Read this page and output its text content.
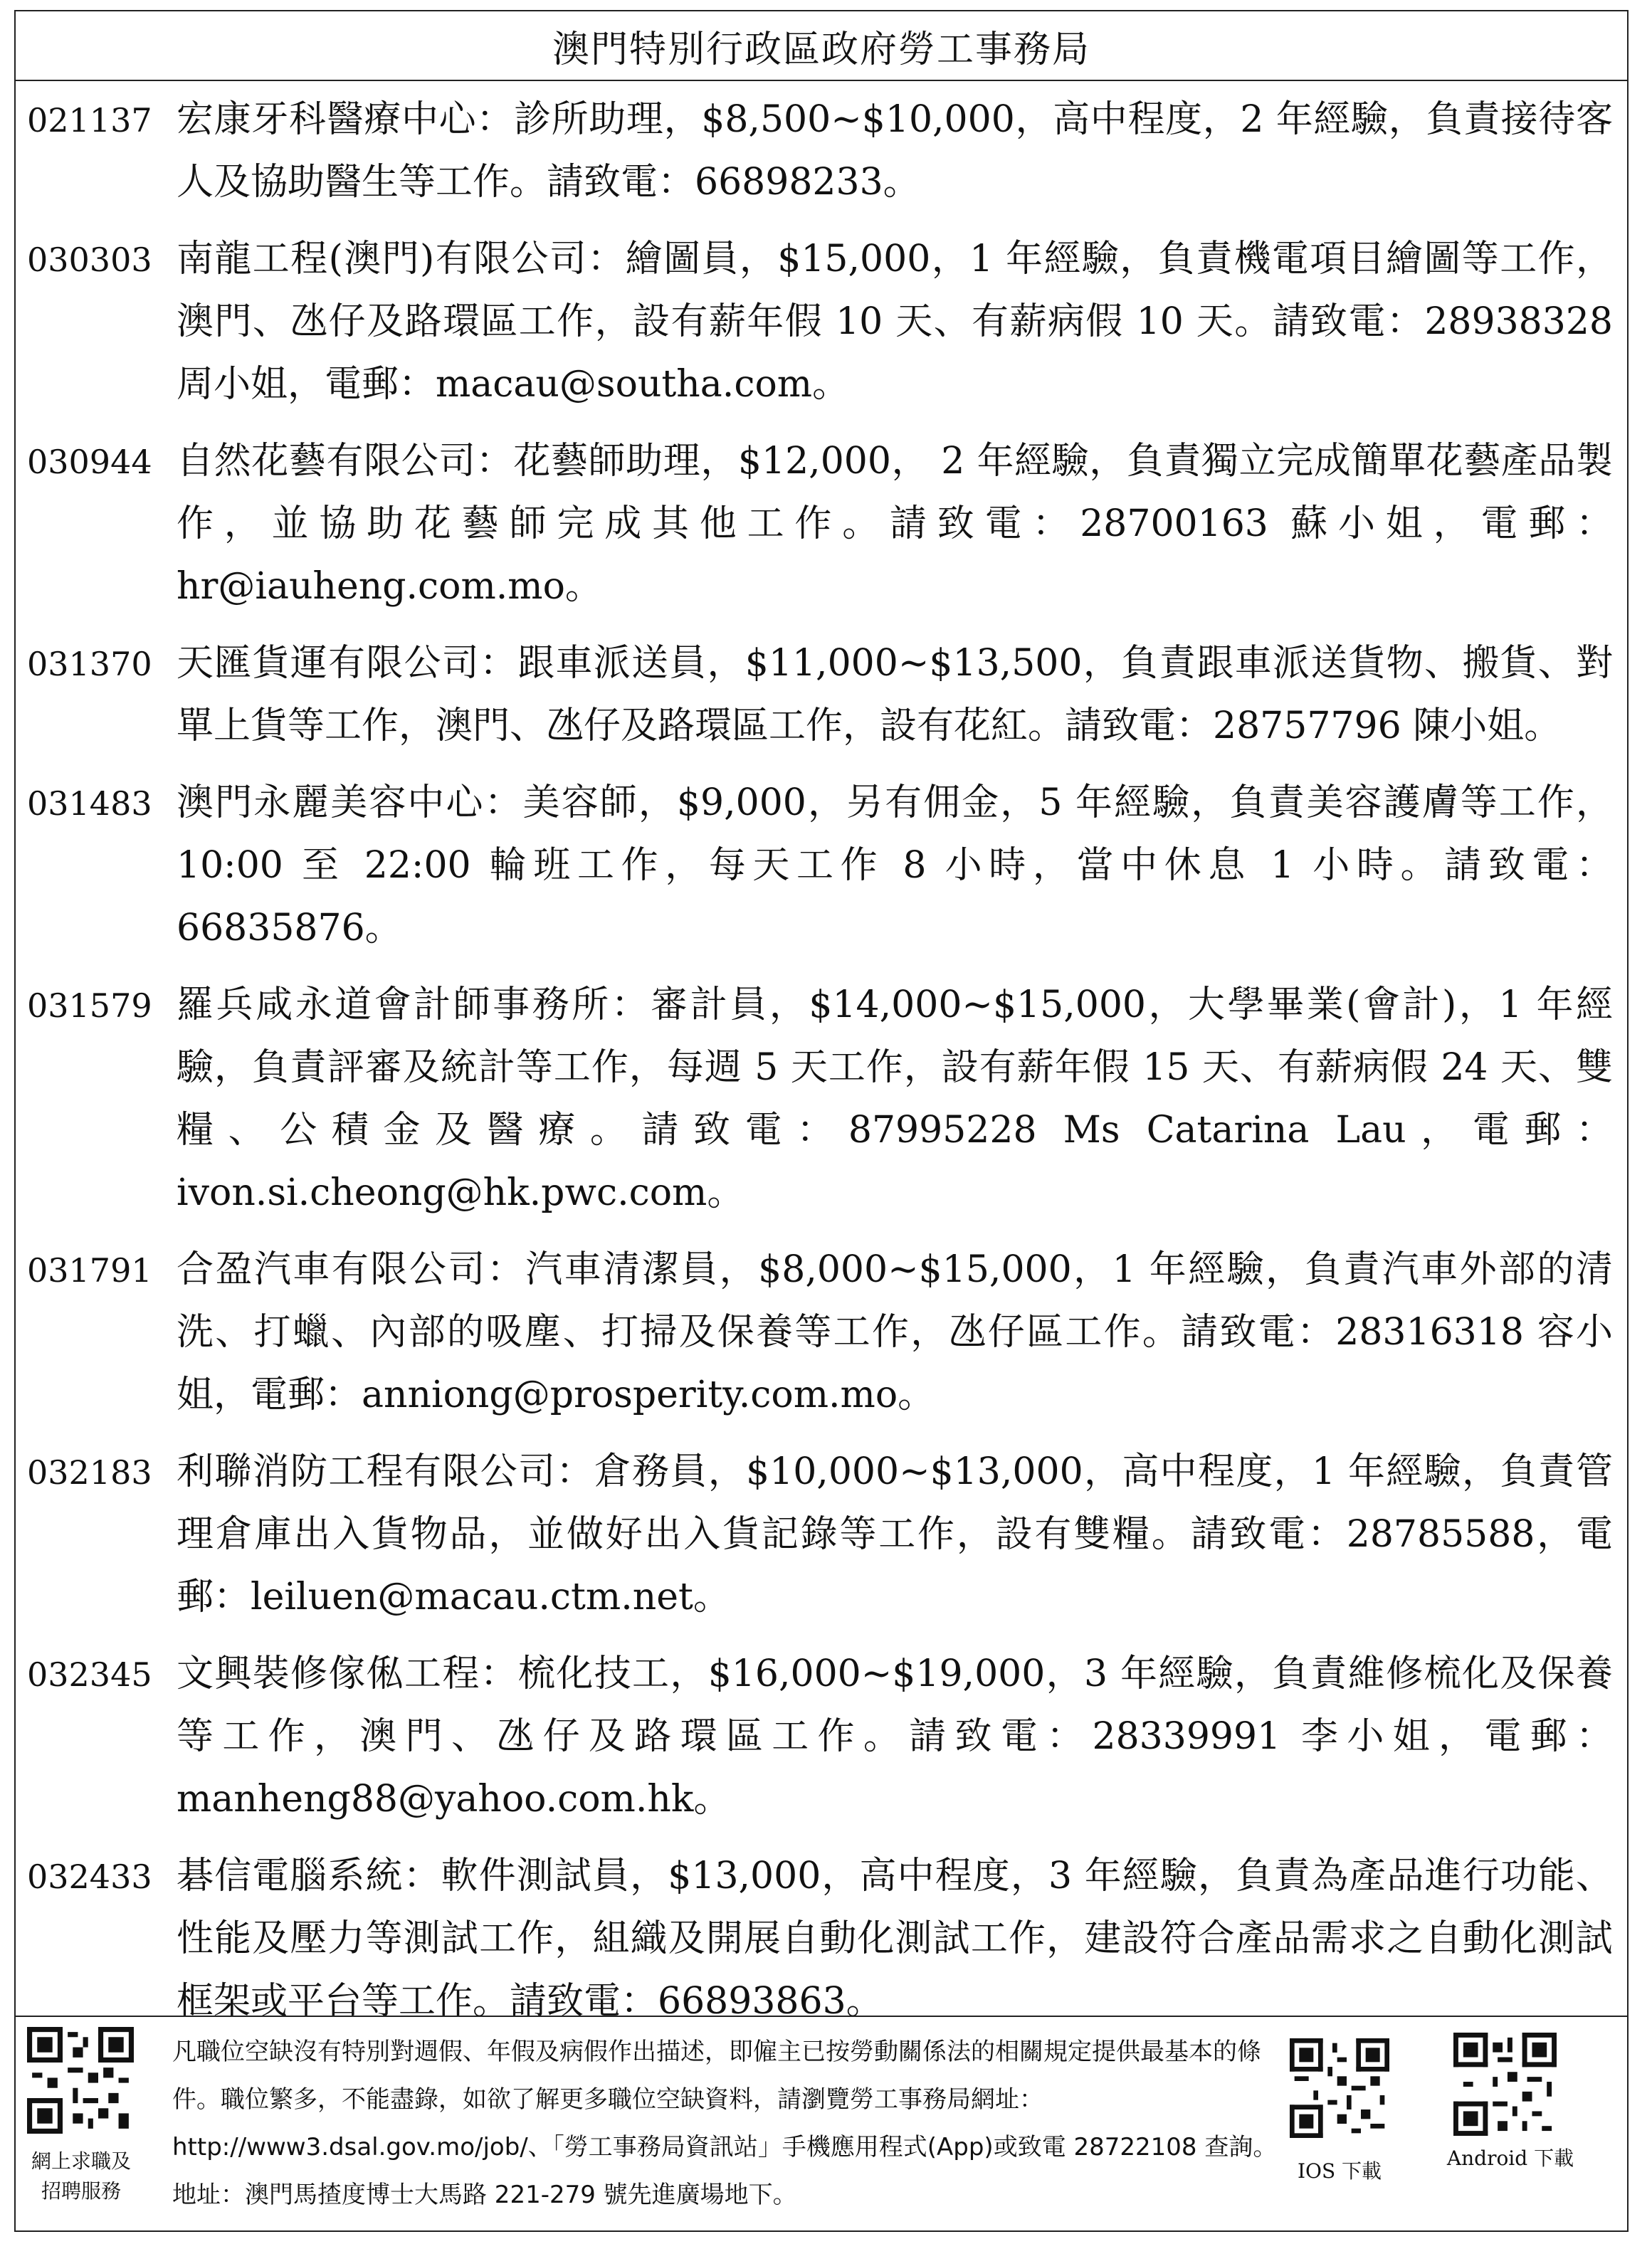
澳門特別行政區政府勞工事務局
021137 宏康牙科醫療中心：診所助理，$8,500~$10,000，高中程度，2 年經驗，負責接待客人及協助醫生等工作。請致電：66898233。
030303 南龍工程(澳門)有限公司：繪圖員，$15,000，1 年經驗，負責機電項目繪圖等工作，澳門、氹仔及路環區工作，設有薪年假 10 天、有薪病假 10 天。請致電：28938328 周小姐，電郵：macau@southa.com。
030944 自然花藝有限公司：花藝師助理，$12,000， 2 年經驗，負責獨立完成簡單花藝產品製作，並協助花藝師完成其他工作。請致電：28700163 蘇小姐，電郵：hr@iauheng.com.mo。
031370 天匯貨運有限公司：跟車派送員，$11,000~$13,500，負責跟車派送貨物、搬貨、對單上貨等工作，澳門、氹仔及路環區工作，設有花紅。請致電：28757796 陳小姐。
031483 澳門永麗美容中心：美容師，$9,000，另有佣金，5 年經驗，負責美容護膚等工作，10:00 至 22:00 輪班工作，每天工作 8 小時，當中休息 1 小時。請致電：66835876。
031579 羅兵咸永道會計師事務所：審計員，$14,000~$15,000，大學畢業(會計)，1 年經驗，負責評審及統計等工作，每週 5 天工作，設有薪年假 15 天、有薪病假 24 天、雙糧、公積金及醫療。請致電：87995228 Ms Catarina Lau，電郵：ivon.si.cheong@hk.pwc.com。
031791 合盈汽車有限公司：汽車清潔員，$8,000~$15,000，1 年經驗，負責汽車外部的清洗、打蠟、內部的吸塵、打掃及保養等工作，氹仔區工作。請致電：28316318 容小姐，電郵：anniong@prosperity.com.mo。
032183 利聯消防工程有限公司：倉務員，$10,000~$13,000，高中程度，1 年經驗，負責管理倉庫出入貨物品，並做好出入貨記錄等工作，設有雙糧。請致電：28785588，電郵：leiluen@macau.ctm.net。
032345 文興裝修傢俬工程：梳化技工，$16,000~$19,000，3 年經驗，負責維修梳化及保養等工作，澳門、氹仔及路環區工作。請致電：28339991 李小姐，電郵：manheng88@yahoo.com.hk。
032433 碁信電腦系統：軟件測試員，$13,000，高中程度，3 年經驗，負責為產品進行功能、性能及壓力等測試工作，組織及開展自動化測試工作，建設符合產品需求之自動化測試框架或平台等工作。請致電：66893863。
網上求職及
招聘服務
凡職位空缺沒有特別對週假、年假及病假作出描述，即僱主已按勞動關係法的相關規定提供最基本的條件。職位繁多，不能盡錄，如欲了解更多職位空缺資料，請瀏覽勞工事務局網址：http://www3.dsal.gov.mo/job/、「勞工事務局資訊站」手機應用程式(App)或致電 28722108 查詢。地址：澳門馬揸度博士大馬路 221-279 號先進廣場地下。
IOS 下載
Android 下載
